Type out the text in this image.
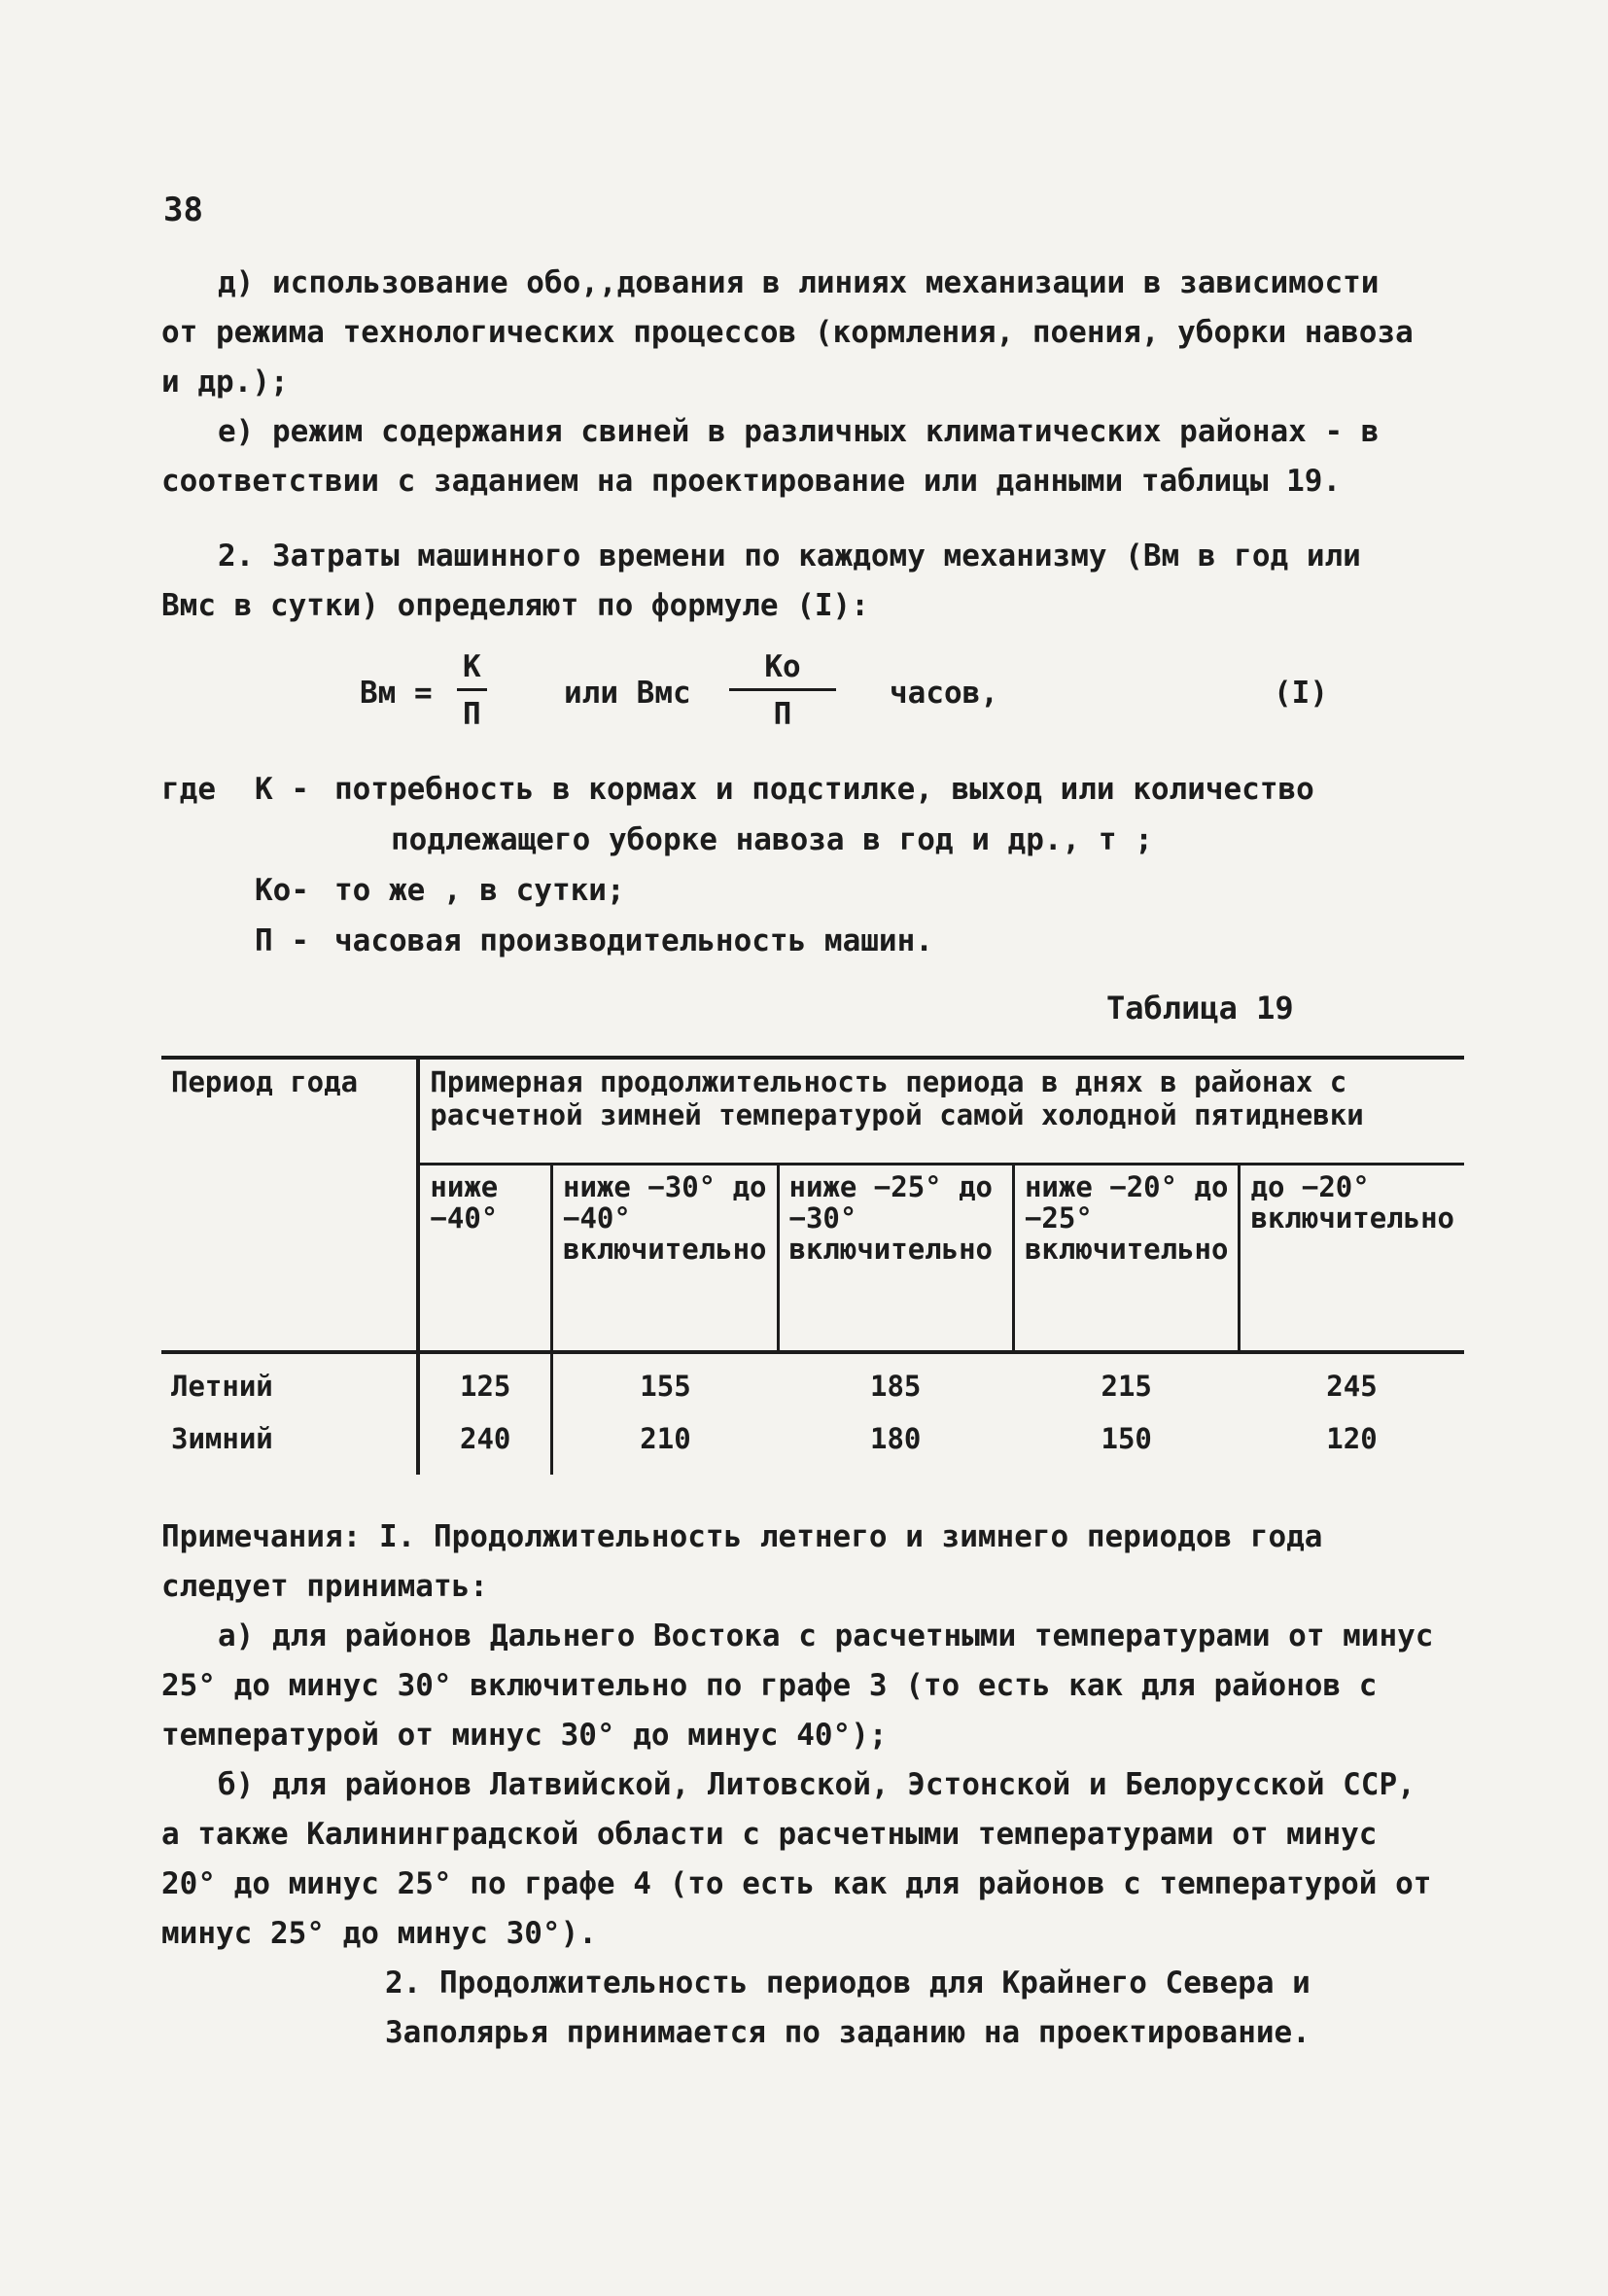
38

д) использование обо,,дования в линиях механизации в зависимости от режима технологических процессов (кормления, поения, уборки навоза и др.);

е) режим содержания свиней в различных климатических районах - в соответствии с заданием на проектирование или данными таблицы 19.

2. Затраты машинного времени по каждому механизму (Вм в год или Вмс в сутки) определяют по формуле (I):

Вм =
К
П
или Вмс
Ко
П
часов,	(I)
где	К - потребность в кормах и подстилке, выход или количество
подлежащего уборке навоза в год и др., т ;
Ко- то же , в сутки;
П - часовая производительность машин.
Таблица 19
Период года	Примерная продолжительность периода в днях в районах с расчетной зимней температурой самой холодной пятидневки				
	ниже −40°	ниже −30° до −40° включительно	ниже −25° до −30° включительно	ниже −20° до −25° включительно	до −20° включительно
Летний	125	155	185	215	245
Зимний	240	210	180	150	120

Примечания: I. Продолжительность летнего и зимнего периодов года следует принимать:

а) для районов Дальнего Востока с расчетными температурами от минус 25° до минус 30° включительно по графе 3 (то есть как для районов с температурой от минус 30° до минус 40°);

б) для районов Латвийской, Литовской, Эстонской и Белорусской ССР, а также Калининградской области с расчетными температурами от минус 20° до минус 25° по графе 4 (то есть как для районов с температурой от минус 25° до минус 30°).

2. Продолжительность периодов для Крайнего Севера и Заполярья принимается по заданию на проектирование.
